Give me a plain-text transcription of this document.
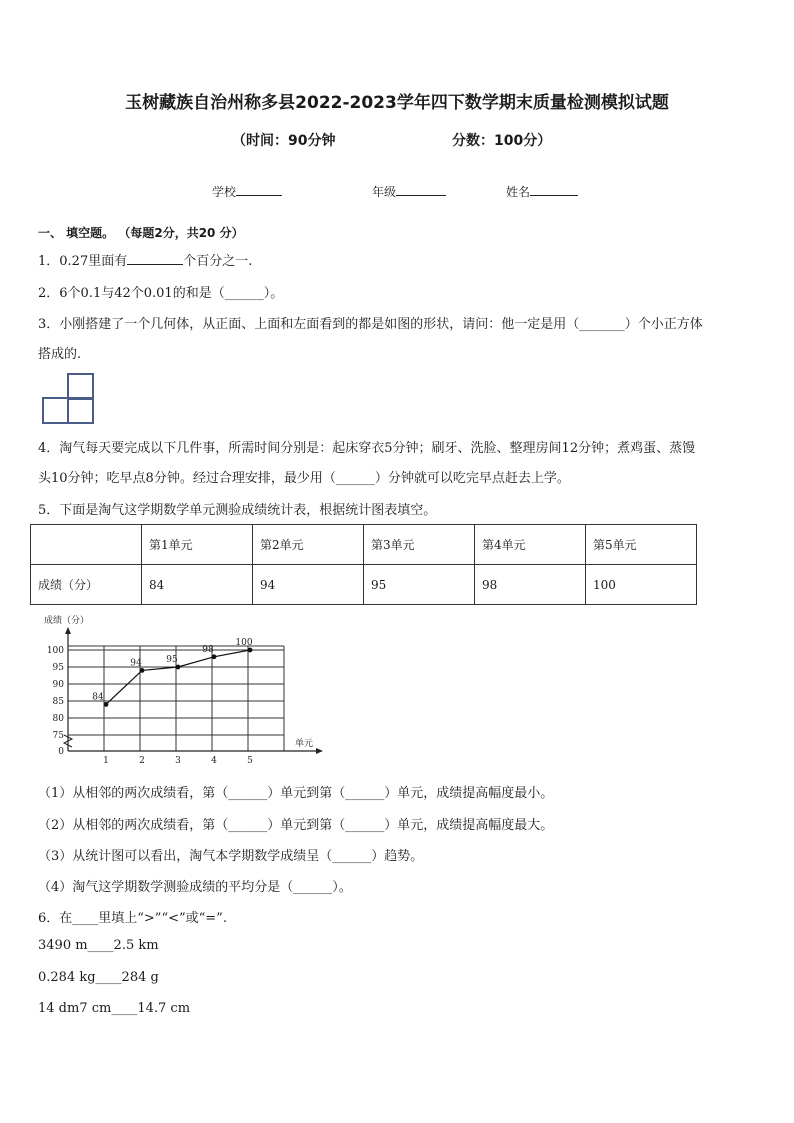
玉树藏族自治州称多县2022-2023学年四下数学期末质量检测模拟试题
（时间：90分钟	分数：100分）
学校	年级	姓名
一、 填空题。 （每题2分，共20 分）
1．0.27里面有	个百分之一.
2．6个0.1与42个0.01的和是（______）。
3．小刚搭建了一个几何体，从正面、上面和左面看到的都是如图的形状，请问：他一定是用（_______）个小正方体
搭成的.
4．淘气每天要完成以下几件事，所需时间分别是：起床穿衣5分钟；刷牙、洗脸、整理房间12分钟；煮鸡蛋、蒸馒
头10分钟；吃早点8分钟。经过合理安排，最少用（______）分钟就可以吃完早点赶去上学。
5．下面是淘气这学期数学单元测验成绩统计表，根据统计图表填空。
	第1单元	第2单元	第3单元	第4单元	第5单元
成绩（分）	84	94	95	98	100
成绩（分）
单元
0
75
80
85
90
95
100
1	2	3	4	5
84
94	95
98
100
（1）从相邻的两次成绩看，第（______）单元到第（______）单元，成绩提高幅度最小。
（2）从相邻的两次成绩看，第（______）单元到第（______）单元，成绩提高幅度最大。
（3）从统计图可以看出，淘气本学期数学成绩呈（______）趋势。
（4）淘气这学期数学测验成绩的平均分是（______）。
6．在____里填上“>”“<”或“=”.
3490 m____2.5 km
0.284 kg____284 g
14 dm7 cm____14.7 cm
